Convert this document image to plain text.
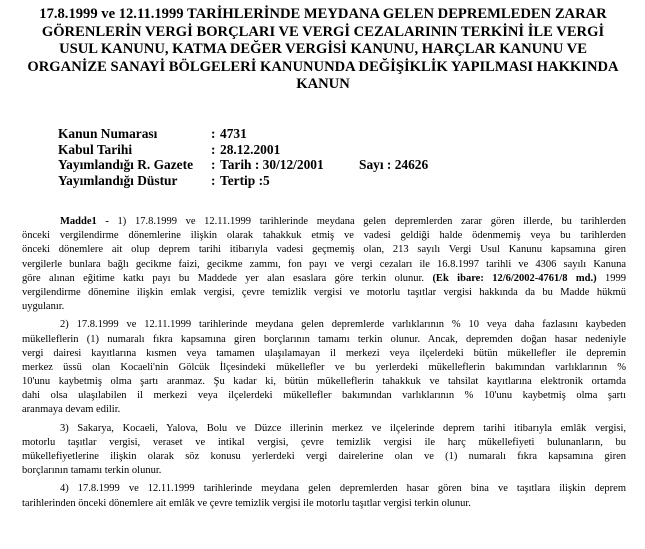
17.8.1999 ve 12.11.1999 TARİHLERİNDE MEYDANA GELEN DEPREMLEDEN ZARAR
GÖRENLERİN VERGİ BORÇLARI VE VERGİ CEZALARININ TERKİNİ İLE VERGİ
USUL KANUNU, KATMA DEĞER VERGİSİ KANUNU, HARÇLAR KANUNU VE
ORGANİZE SANAYİ BÖLGELERİ KANUNUNDA DEĞİŞİKLİK YAPILMASI HAKKINDA
KANUN
Kanun Numarası	: 4731
Kabul Tarihi	: 28.12.2001
Yayımlandığı R. Gazete : Tarih : 30/12/2001	Sayı : 24626
Yayımlandığı Düstur	: Tertip :5
Madde1 - 1) 17.8.1999 ve 12.11.1999 tarihlerinde meydana gelen depremlerden zarar gören illerde, bu tarihlerden
önceki vergilendirme dönemlerine ilişkin olarak tahakkuk etmiş ve vadesi geldiği halde ödenmemiş veya bu tarihlerden
önceki dönemlere ait olup deprem tarihi itibarıyla vadesi geçmemiş olan, 213 sayılı Vergi Usul Kanunu kapsamına giren
vergilerle bunlara bağlı gecikme faizi, gecikme zammı, fon payı ve vergi cezaları ile 16.8.1997 tarihli ve 4306 sayılı Kanuna
göre alınan eğitime katkı payı bu Maddede yer alan esaslara göre terkin olunur. (Ek ibare: 12/6/2002-4761/8 md.) 1999
vergilendirme dönemine ilişkin emlak vergisi, çevre temizlik vergisi ve motorlu taşıtlar vergisi hakkında da bu Madde hükmü
uygulanır.
2) 17.8.1999 ve 12.11.1999 tarihlerinde meydana gelen depremlerde varlıklarının % 10 veya daha fazlasını kaybeden
mükelleflerin (1) numaralı fıkra kapsamına giren borçlarının tamamı terkin olunur. Ancak, depremden doğan hasar nedeniyle
vergi dairesi kayıtlarına kısmen veya tamamen ulaşılamayan il merkezi veya ilçelerdeki bütün mükellefler ile depremin
merkez üssü olan Kocaeli'nin Gölcük İlçesindeki mükellefler ve bu yerlerdeki mükelleflerin bakımından varlıklarının %
10'unu kaybetmiş olma şartı aranmaz. Şu kadar ki, bütün mükelleflerin tahakkuk ve tahsilat kayıtlarına elektronik ortamda
dahi olsa ulaşılabilen il merkezi veya ilçelerdeki mükellefler bakımından varlıklarının % 10'unu kaybetmiş olma şartı
aranmaya devam edilir.
3) Sakarya, Kocaeli, Yalova, Bolu ve Düzce illerinin merkez ve ilçelerinde deprem tarihi itibarıyla emlâk vergisi,
motorlu taşıtlar vergisi, veraset ve intikal vergisi, çevre temizlik vergisi ile harç mükellefiyeti bulunanların, bu
mükellefiyetlerine ilişkin olarak söz konusu yerlerdeki vergi dairelerine olan ve (1) numaralı fıkra kapsamına giren
borçlarının tamamı terkin olunur.
4) 17.8.1999 ve 12.11.1999 tarihlerinde meydana gelen depremlerden hasar gören bina ve taşıtlara ilişkin deprem
tarihlerinden önceki dönemlere ait emlâk ve çevre temizlik vergisi ile motorlu taşıtlar vergisi terkin olunur.
